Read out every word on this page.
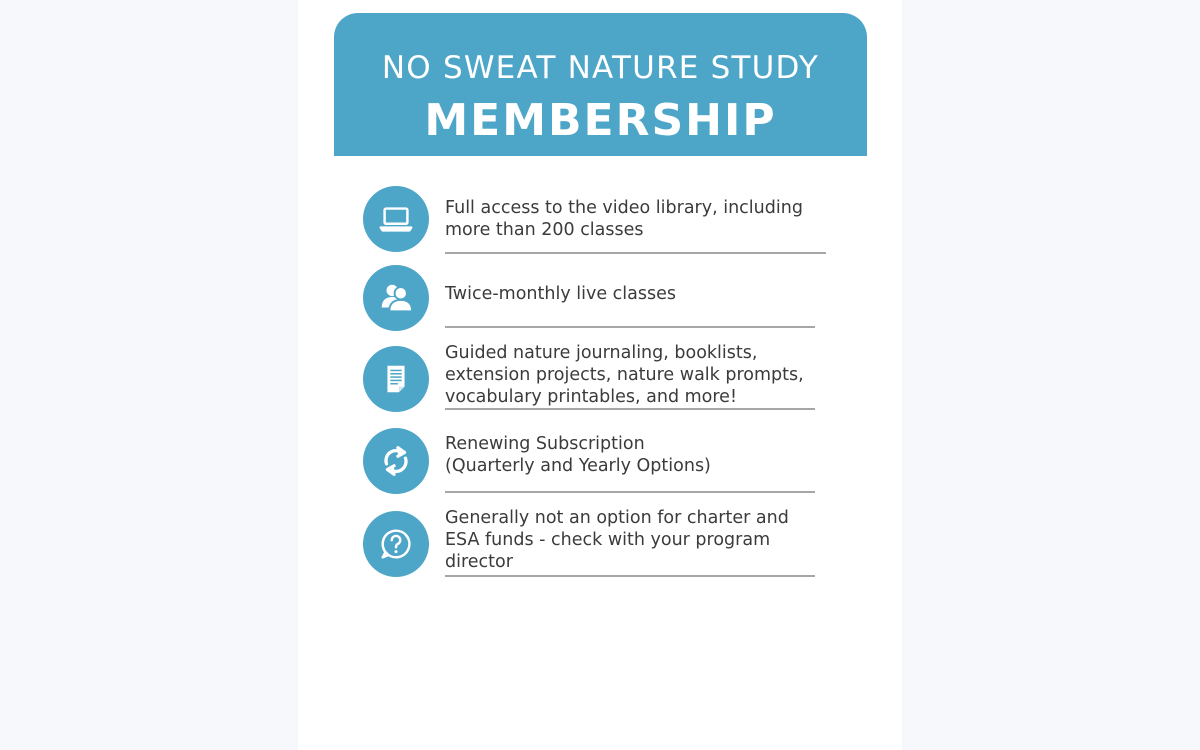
NO SWEAT NATURE STUDY
MEMBERSHIP
Full access to the video library, including
more than 200 classes
Twice-monthly live classes
Guided nature journaling, booklists,
extension projects, nature walk prompts,
vocabulary printables, and more!
Renewing Subscription
(Quarterly and Yearly Options)
Generally not an option for charter and
ESA funds - check with your program
director
